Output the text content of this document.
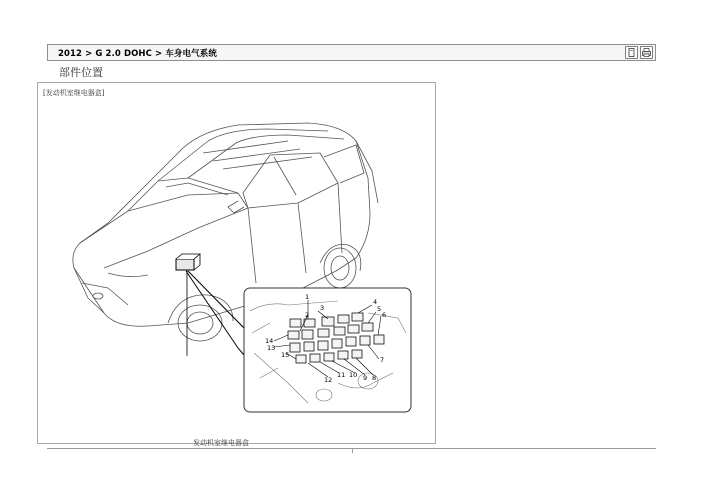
2012 > G 2.0 DOHC > 车身电气系统
部件位置
[发动机室继电器盒]
1
2
3
4
5
6
7
8
9
10
11
12
13
14
15
发动机室继电器盒
